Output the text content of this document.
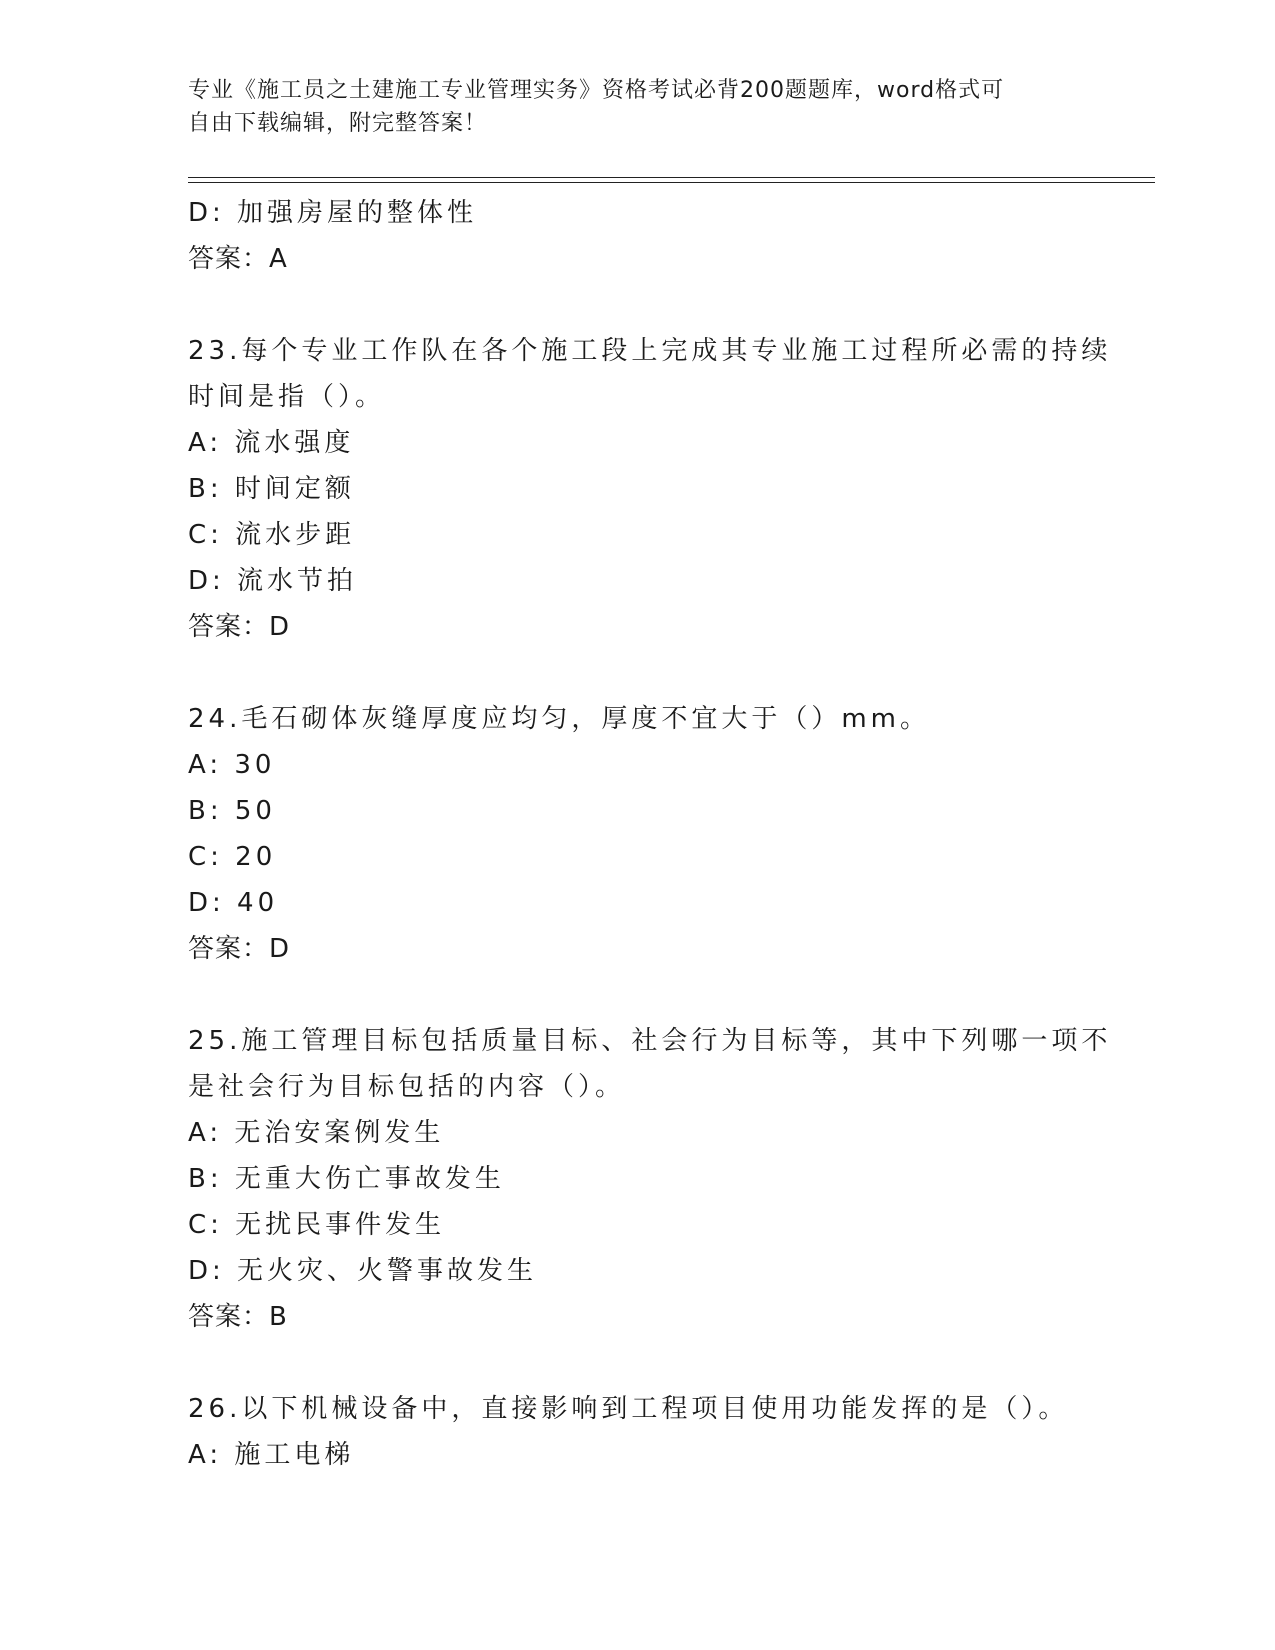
专业《施工员之土建施工专业管理实务》资格考试必背200题题库，word格式可
自由下载编辑，附完整答案！
D: 加强房屋的整体性
答案：A
23.每个专业工作队在各个施工段上完成其专业施工过程所必需的持续
时间是指（）。
A: 流水强度
B: 时间定额
C: 流水步距
D: 流水节拍
答案：D
24.毛石砌体灰缝厚度应均匀，厚度不宜大于（）mm。
A: 30
B: 50
C: 20
D: 40
答案：D
25.施工管理目标包括质量目标、社会行为目标等，其中下列哪一项不
是社会行为目标包括的内容（）。
A: 无治安案例发生
B: 无重大伤亡事故发生
C: 无扰民事件发生
D: 无火灾、火警事故发生
答案：B
26.以下机械设备中，直接影响到工程项目使用功能发挥的是（）。
A: 施工电梯
